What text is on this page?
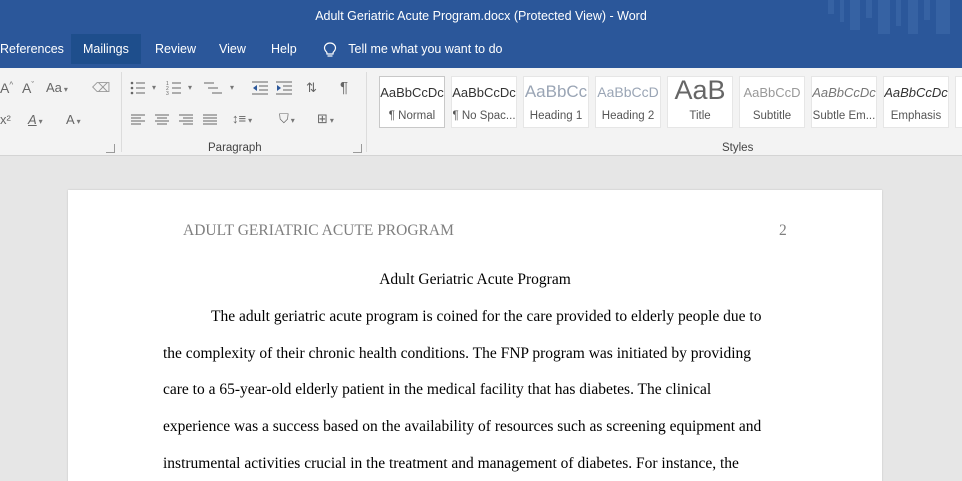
Adult Geriatric Acute Program.docx (Protected View) - Word
References	Mailings	Review	View	Help	Tell me what you want to do
A^ $A^ˇ$ Aa ▾ ⌫
x² A ▾ A ▾
▾ 1
2
3
▾	▾	⇅ ¶
↕≡ ▾ ⛉ ▾ ⊞ ▾
Paragraph
AaBbCcDc
¶ Normal
AaBbCcDc
¶ No Spac...
AaBbCc
Heading 1
AaBbCcD
Heading 2
AaB
Title
AaBbCcD
Subtitle
AaBbCcDc
Subtle Em...
AaBbCcDc
Emphasis
Styles
ADULT GERIATRIC ACUTE PROGRAM	2
Adult Geriatric Acute Program
The adult geriatric acute program is coined for the care provided to elderly people due to
the complexity of their chronic health conditions. The FNP program was initiated by providing
care to a 65-year-old elderly patient in the medical facility that has diabetes. The clinical
experience was a success based on the availability of resources such as screening equipment and
instrumental activities crucial in the treatment and management of diabetes. For instance, the
